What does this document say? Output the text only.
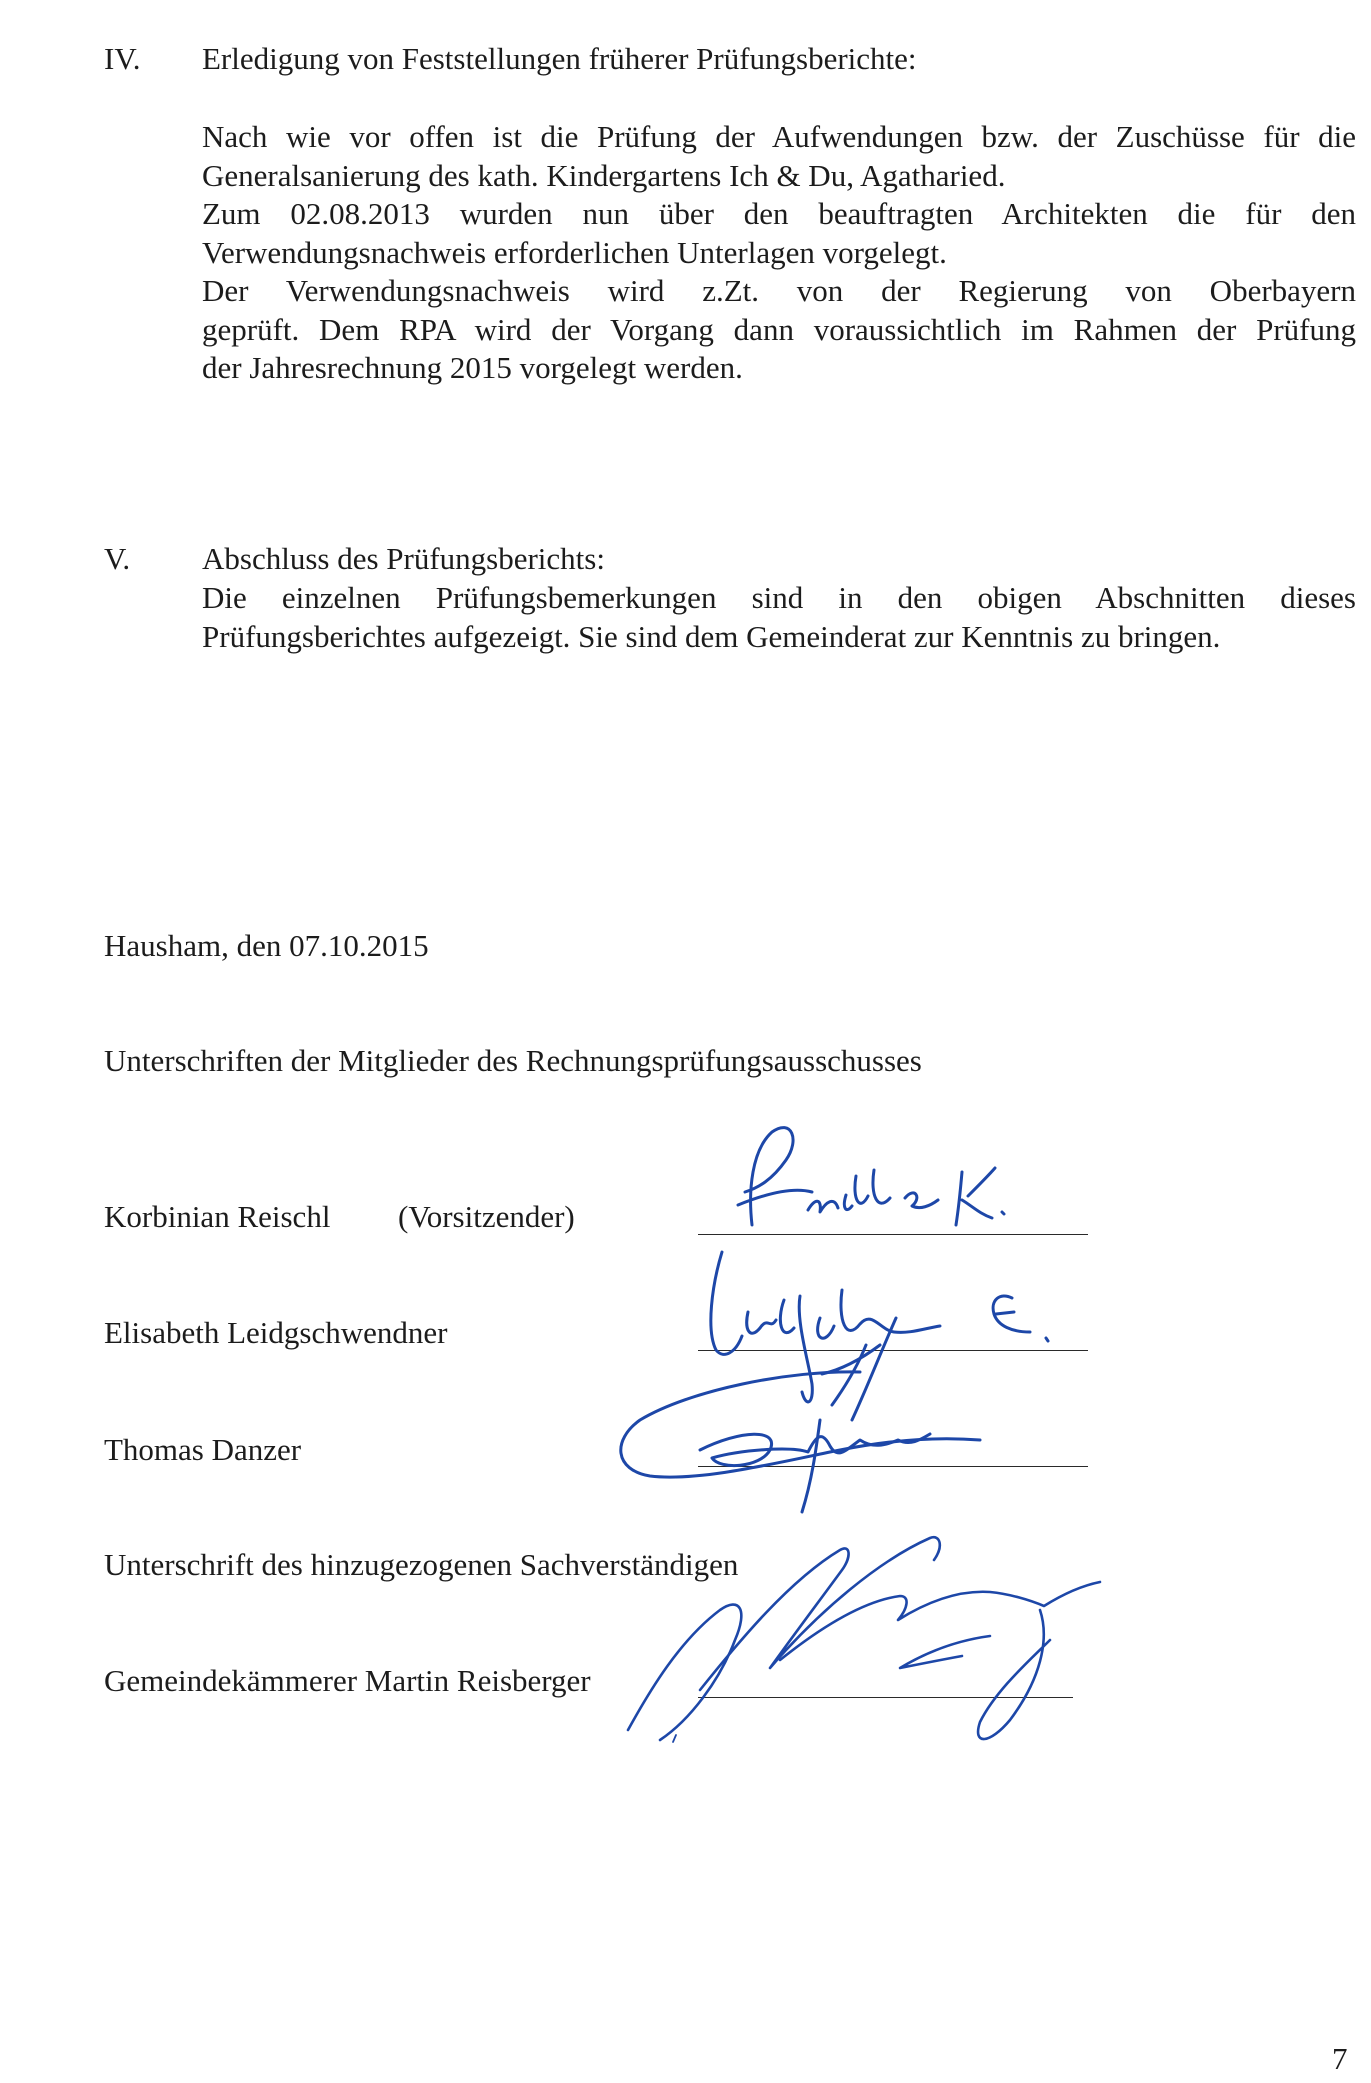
IV. Erledigung von Feststellungen früherer Prüfungsberichte:
Nach wie vor offen ist die Prüfung der Aufwendungen bzw. der Zuschüsse für die
Generalsanierung des kath. Kindergartens Ich & Du, Agatharied.
Zum 02.08.2013 wurden nun über den beauftragten Architekten die für den
Verwendungsnachweis erforderlichen Unterlagen vorgelegt.
Der Verwendungsnachweis wird z.Zt. von der Regierung von Oberbayern
geprüft. Dem RPA wird der Vorgang dann voraussichtlich im Rahmen der Prüfung
der Jahresrechnung 2015 vorgelegt werden.
V. Abschluss des Prüfungsberichts:
Die einzelnen Prüfungsbemerkungen sind in den obigen Abschnitten dieses
Prüfungsberichtes aufgezeigt. Sie sind dem Gemeinderat zur Kenntnis zu bringen.
Hausham, den 07.10.2015
Unterschriften der Mitglieder des Rechnungsprüfungsausschusses
Korbinian Reischl (Vorsitzender)
Elisabeth Leidgschwendner
Thomas Danzer
Unterschrift des hinzugezogenen Sachverständigen
Gemeindekämmerer Martin Reisberger
7
